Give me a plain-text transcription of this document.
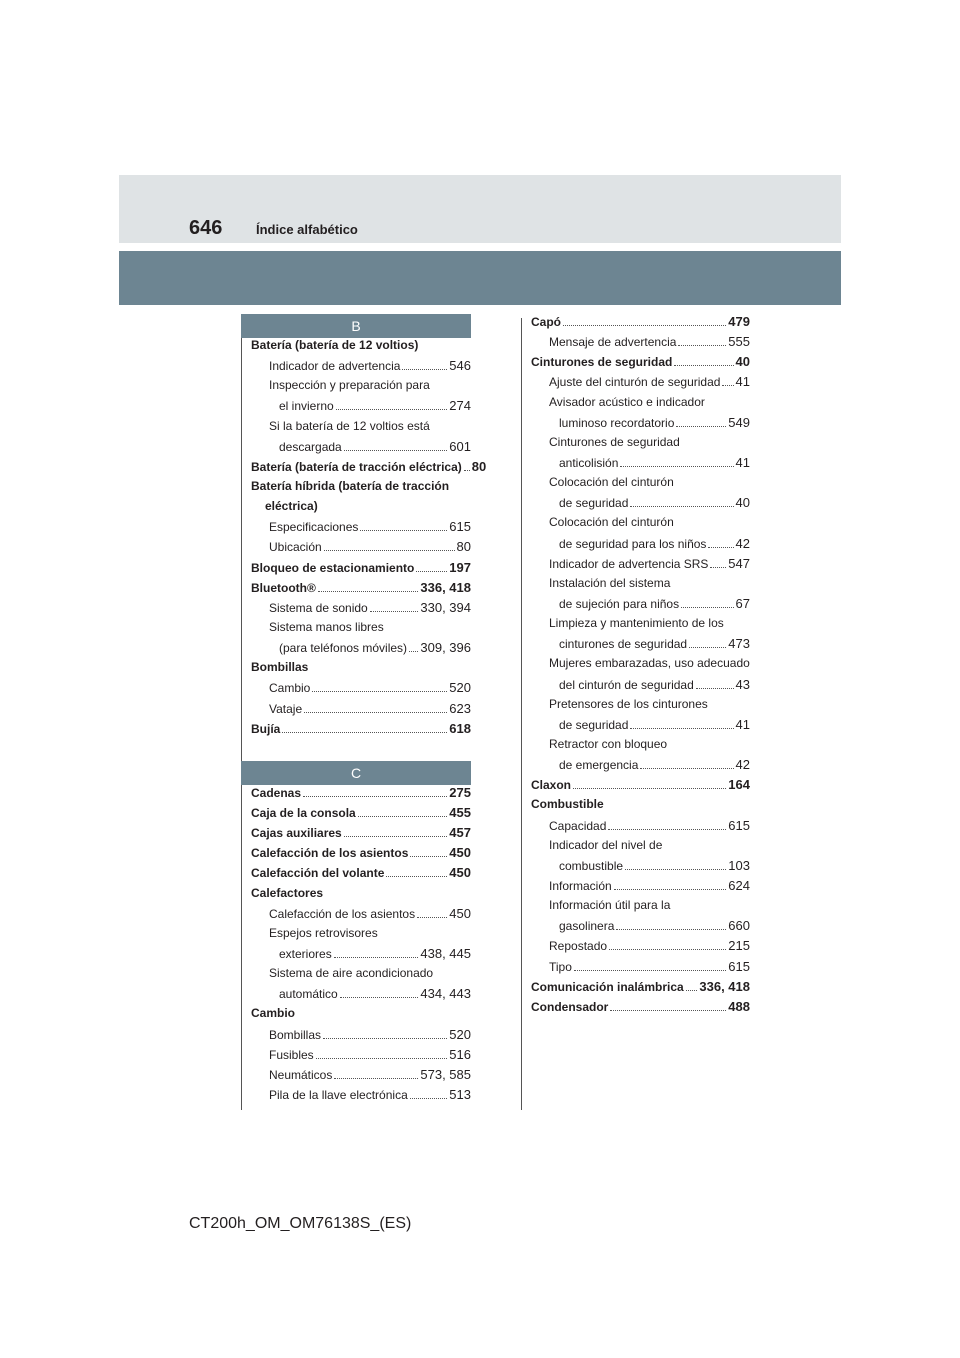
646	Índice alfabético
B
Batería (batería de 12 voltios)
Indicador de advertencia	546
Inspección y preparación para
el invierno	274
Si la batería de 12 voltios está
descargada	601
Batería (batería de tracción eléctrica) 80
Batería híbrida (batería de tracción
eléctrica)
Especificaciones	615
Ubicación	80
Bloqueo de estacionamiento	197
Bluetooth®	336, 418
Sistema de sonido	330, 394
Sistema manos libres
(para teléfonos móviles) 309, 396
Bombillas
Cambio	520
Vataje	623
Bujía	618
C
Cadenas	275
Caja de la consola	455
Cajas auxiliares	457
Calefacción de los asientos	450
Calefacción del volante	450
Calefactores
Calefacción de los asientos	450
Espejos retrovisores
exteriores	438, 445
Sistema de aire acondicionado
automático	434, 443
Cambio
Bombillas	520
Fusibles	516
Neumáticos	573, 585
Pila de la llave electrónica	513
Capó	479
Mensaje de advertencia	555
Cinturones de seguridad	40
Ajuste del cinturón de seguridad 41
Avisador acústico e indicador
luminoso recordatorio	549
Cinturones de seguridad
anticolisión	41
Colocación del cinturón
de seguridad	40
Colocación del cinturón
de seguridad para los niños 42
Indicador de advertencia SRS 547
Instalación del sistema
de sujeción para niños	67
Limpieza y mantenimiento de los
cinturones de seguridad	473
Mujeres embarazadas, uso adecuado
del cinturón de seguridad	43
Pretensores de los cinturones
de seguridad	41
Retractor con bloqueo
de emergencia	42
Claxon	164
Combustible
Capacidad	615
Indicador del nivel de
combustible	103
Información	624
Información útil para la
gasolinera	660
Repostado	215
Tipo	615
Comunicación inalámbrica 336, 418
Condensador	488
CT200h_OM_OM76138S_(ES)
